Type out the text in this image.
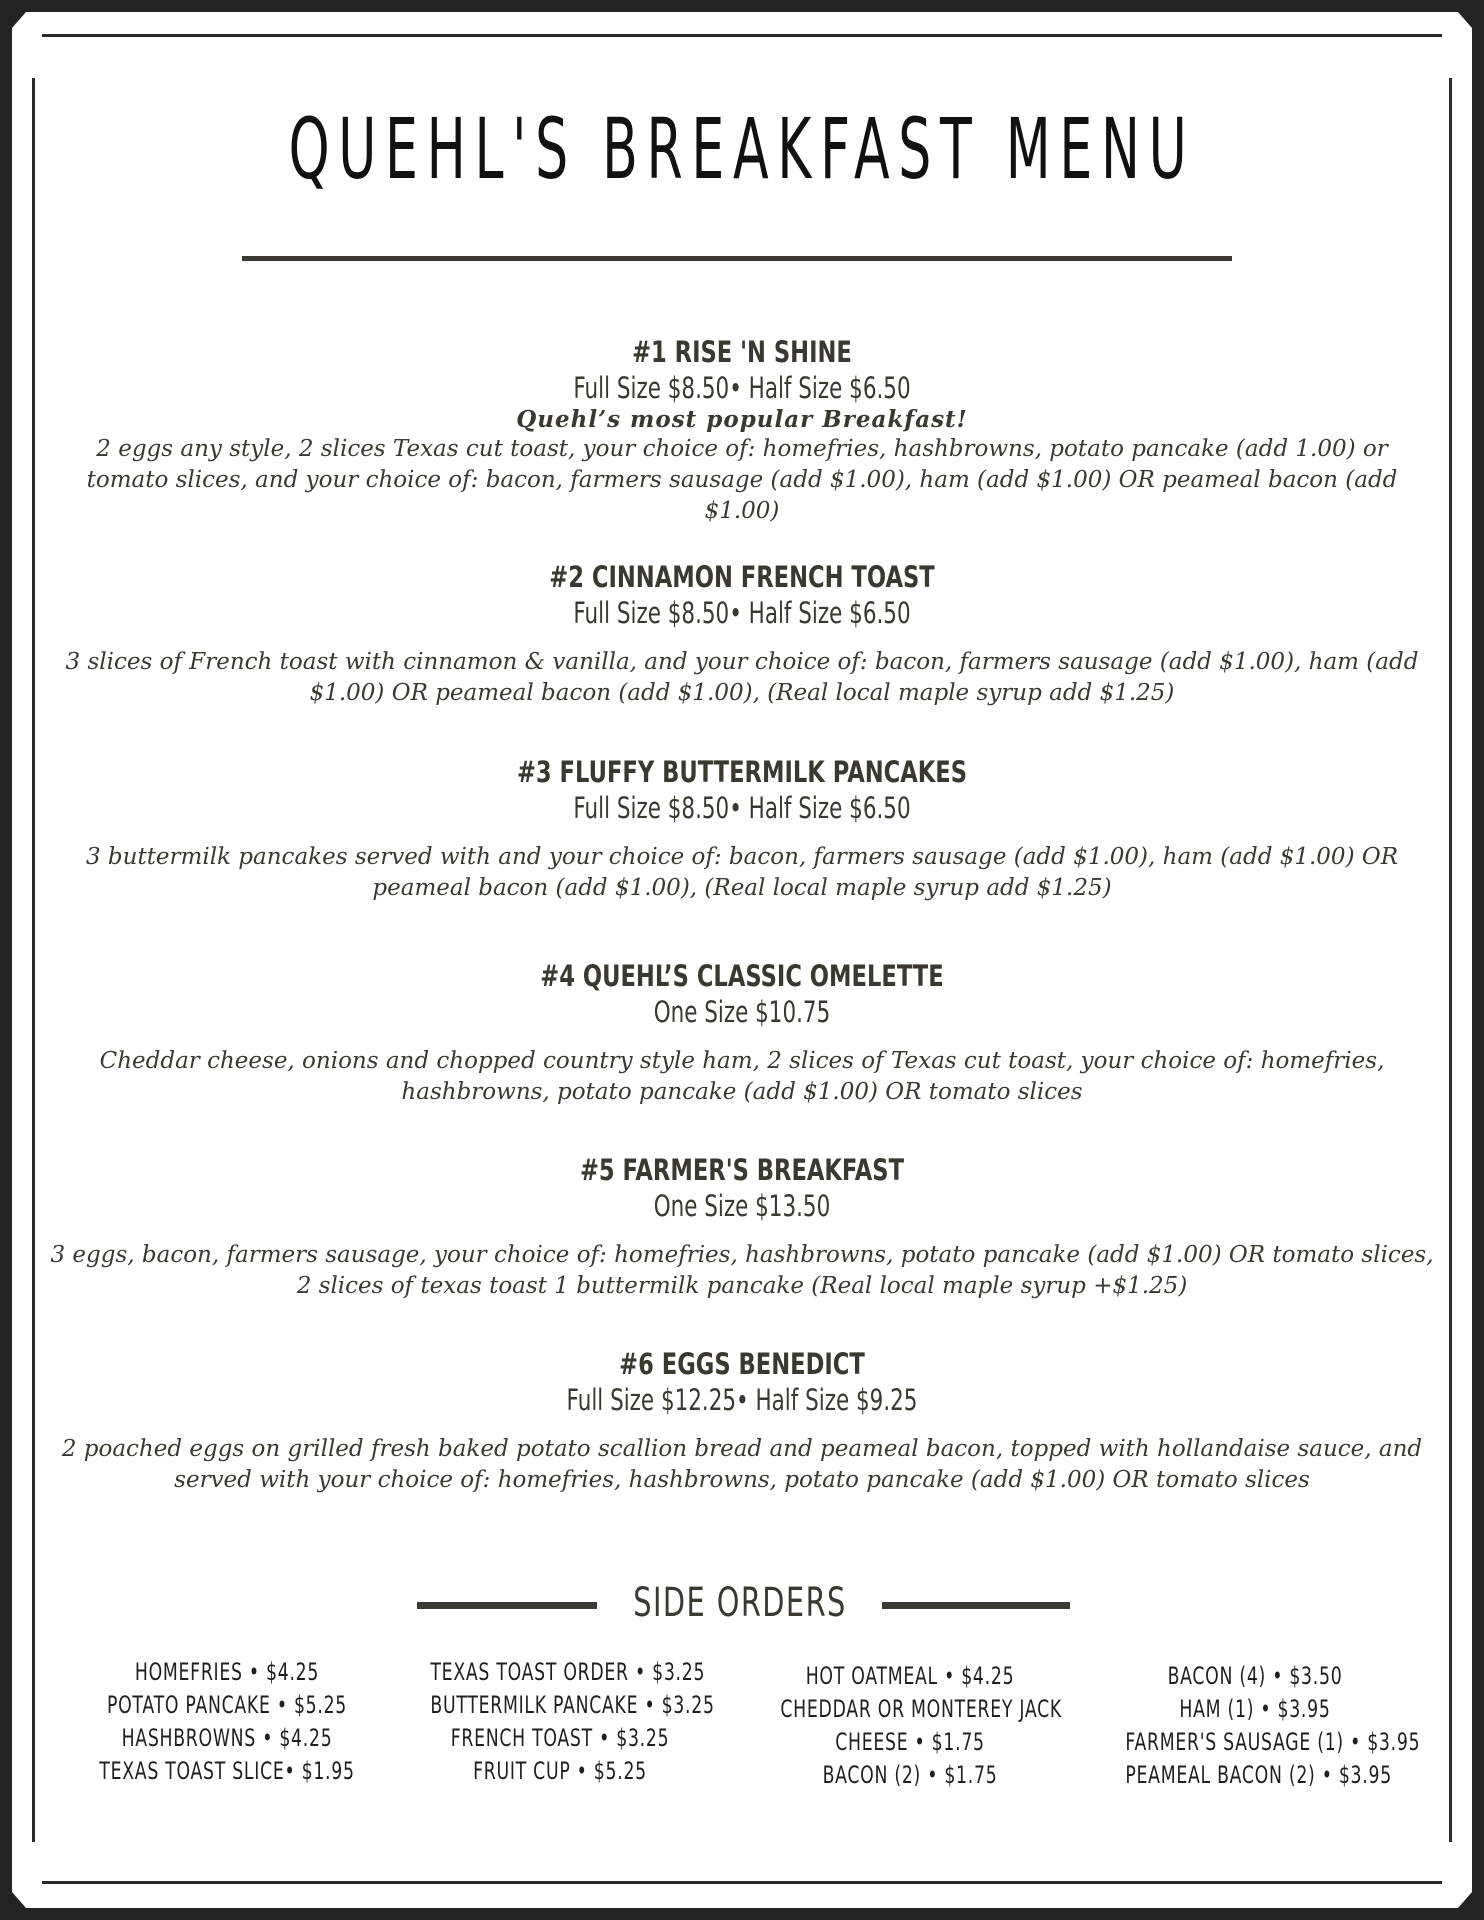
QUEHL'S BREAKFAST MENU
#1 RISE 'N SHINE
Full Size $8.50• Half Size $6.50
Quehl’s most popular Breakfast!
2 eggs any style, 2 slices Texas cut toast, your choice of: homefries, hashbrowns, potato pancake (add 1.00) or tomato slices, and your choice of: bacon, farmers sausage (add $1.00), ham (add $1.00) OR peameal bacon (add $1.00)
#2 CINNAMON FRENCH TOAST
Full Size $8.50• Half Size $6.50
3 slices of French toast with cinnamon & vanilla, and your choice of: bacon, farmers sausage (add $1.00), ham (add $1.00) OR peameal bacon (add $1.00), (Real local maple syrup add $1.25)
#3 FLUFFY BUTTERMILK PANCAKES
Full Size $8.50• Half Size $6.50
3 buttermilk pancakes served with and your choice of: bacon, farmers sausage (add $1.00), ham (add $1.00) OR peameal bacon (add $1.00), (Real local maple syrup add $1.25)
#4 QUEHL’S CLASSIC OMELETTE
One Size $10.75
Cheddar cheese, onions and chopped country style ham, 2 slices of Texas cut toast, your choice of: homefries, hashbrowns, potato pancake (add $1.00) OR tomato slices
#5 FARMER'S BREAKFAST
One Size $13.50
3 eggs, bacon, farmers sausage, your choice of: homefries, hashbrowns, potato pancake (add $1.00) OR tomato slices, 2 slices of texas toast 1 buttermilk pancake (Real local maple syrup +$1.25)
#6 EGGS BENEDICT
Full Size $12.25• Half Size $9.25
2 poached eggs on grilled fresh baked potato scallion bread and peameal bacon, topped with hollandaise sauce, and served with your choice of: homefries, hashbrowns, potato pancake (add $1.00) OR tomato slices
SIDE ORDERS
HOMEFRIES • $4.25
POTATO PANCAKE • $5.25
HASHBROWNS • $4.25
TEXAS TOAST SLICE• $1.95
TEXAS TOAST ORDER • $3.25
BUTTERMILK PANCAKE • $3.25
FRENCH TOAST • $3.25
FRUIT CUP • $5.25
HOT OATMEAL • $4.25
CHEDDAR OR MONTEREY JACK
CHEESE • $1.75
BACON (2) • $1.75
BACON (4) • $3.50
HAM (1) • $3.95
FARMER'S SAUSAGE (1) • $3.95
PEAMEAL BACON (2) • $3.95
